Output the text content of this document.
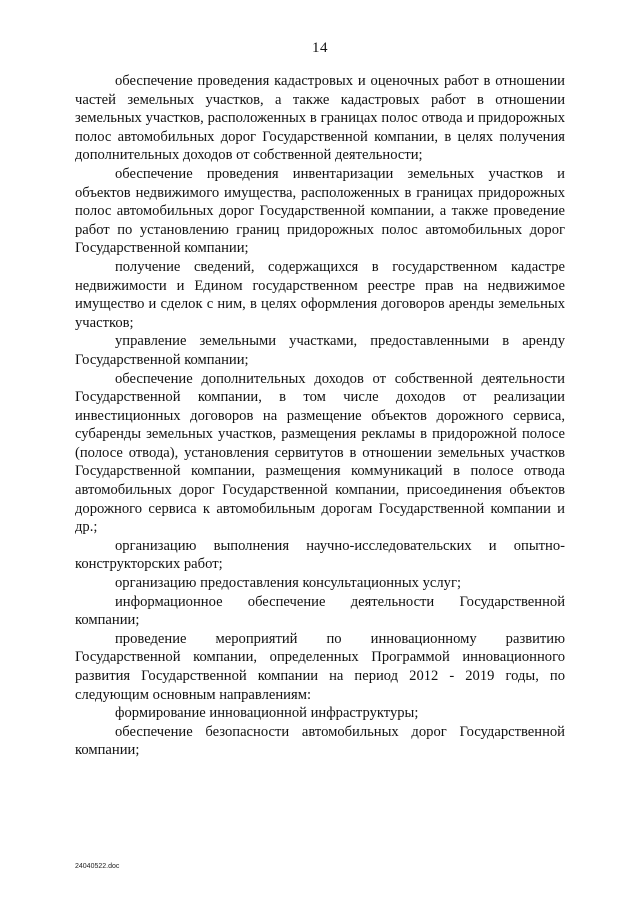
14

обеспечение проведения кадастровых и оценочных работ в отношении частей земельных участков, а также кадастровых работ в отношении земельных участков, расположенных в границах полос отвода и придорожных полос автомобильных дорог Государственной компании, в целях получения дополнительных доходов от собственной деятельности;

обеспечение проведения инвентаризации земельных участков и объектов недвижимого имущества, расположенных в границах придорожных полос автомобильных дорог Государственной компании, а также проведение работ по установлению границ придорожных полос автомобильных дорог Государственной компании;

получение сведений, содержащихся в государственном кадастре недвижимости и Едином государственном реестре прав на недвижимое имущество и сделок с ним, в целях оформления договоров аренды земельных участков;

управление земельными участками, предоставленными в аренду Государственной компании;

обеспечение дополнительных доходов от собственной деятельности Государственной компании, в том числе доходов от реализации инвестиционных договоров на размещение объектов дорожного сервиса, субаренды земельных участков, размещения рекламы в придорожной полосе (полосе отвода), установления сервитутов в отношении земельных участков Государственной компании, размещения коммуникаций в полосе отвода автомобильных дорог Государственной компании, присоединения объектов дорожного сервиса к автомобильным дорогам Государственной компании и др.;

организацию выполнения научно-исследовательских и опытно-конструкторских работ;

организацию предоставления консультационных услуг;

информационное обеспечение деятельности Государственной компании;

проведение мероприятий по инновационному развитию Государственной компании, определенных Программой инновационного развития Государственной компании на период 2012 - 2019 годы, по следующим основным направлениям:

формирование инновационной инфраструктуры;

обеспечение безопасности автомобильных дорог Государственной компании;

24040522.doc
